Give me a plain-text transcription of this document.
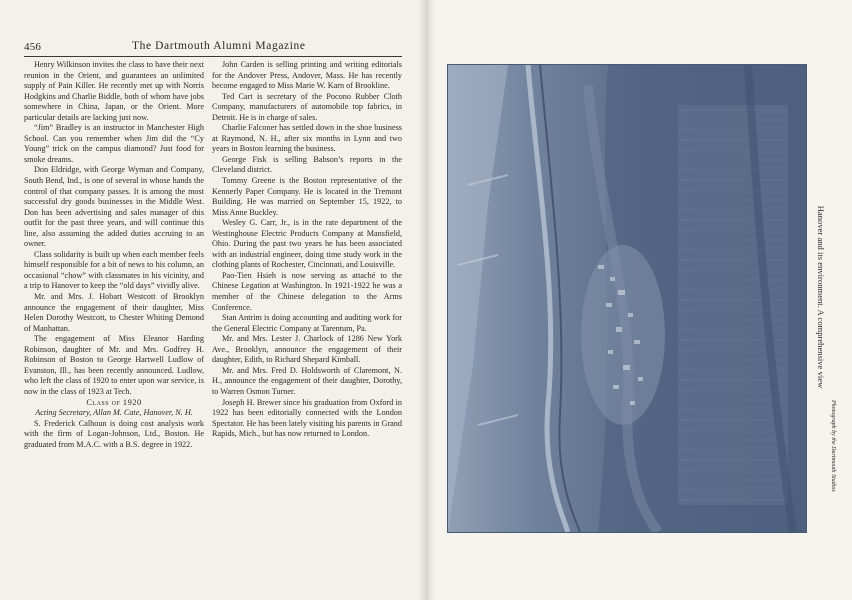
456	The Dartmouth Alumni Magazine

Henry Wilkinson invites the class to have their next reunion in the Orient, and guarantees an unlimited supply of Pain Killer. He recently met up with Norris Hodgkins and Charlie Biddle, both of whom have jobs somewhere in China, Japan, or the Orient. More particular details are lacking just now.

“Jim” Bradley is an instructor in Manchester High School. Can you remember when Jim did the “Cy Young” trick on the campus diamond? Just food for smoke dreams.

Don Eldridge, with George Wyman and Company, South Bend, Ind., is one of several in whose hands the control of that company passes. It is among the most successful dry goods businesses in the Middle West. Don has been advertising and sales manager of this outfit for the past three years, and will continue this line, also assuming the added duties accruing to an owner.

Class solidarity is built up when each member feels himself responsible for a bit of news to his column, an occasional “chow” with classmates in his vicinity, and a trip to Hanover to keep the “old days” vividly alive.

Mr. and Mrs. J. Hobart Westcott of Brooklyn announce the engagement of their daughter, Miss Helen Dorothy Westcott, to Chester Whiting Demond of Manhattan.

The engagement of Miss Eleanor Harding Robinson, daughter of Mr. and Mrs. Godfrey H. Robinson of Boston to George Hartwell Ludlow of Evanston, Ill., has been recently announced. Ludlow, who left the class of 1920 to enter upon war service, is now in the class of 1923 at Tech.

Class of 1920

Acting Secretary, Allan M. Cate, Hanover, N. H.

S. Frederick Calhoun is doing cost analysis work with the firm of Logan-Johnson, Ltd., Boston. He graduated from M.A.C. with a B.S. degree in 1922.

John Carden is selling printing and writing editorials for the Andover Press, Andover, Mass. He has recently become engaged to Miss Marie W. Karn of Brookline.

Ted Cart is secretary of the Pocono Rubber Cloth Company, manufacturers of automobile top fabrics, in Detroit. He is in charge of sales.

Charlie Falconer has settled down in the shoe business at Raymond, N. H., after six months in Lynn and two years in Boston learning the business.

George Fisk is selling Babson’s reports in the Cleveland district.

Tommy Greene is the Boston representative of the Kennerly Paper Company. He is located in the Tremont Building. He was married on September 15, 1922, to Miss Anne Buckley.

Wesley G. Carr, Jr., is in the rate department of the Westinghouse Electric Products Company at Mansfield, Ohio. During the past two years he has been associated with an industrial engineer, doing time study work in the clothing plants of Rochester, Cincinnati, and Louisville.

Pao-Tien Hsieh is now serving as attaché to the Chinese Legation at Washington. In 1921-1922 he was a member of the Chinese delegation to the Arms Conference.

Stan Antrim is doing accounting and auditing work for the General Electric Company at Tarentum, Pa.

Mr. and Mrs. Lester J. Charlock of 1286 New York Ave., Brooklyn, announce the engagement of their daughter, Edith, to Richard Shepard Kimball.

Mr. and Mrs. Fred D. Holdsworth of Claremont, N. H., announce the engagement of their daughter, Dorothy, to Warren Osmon Turner.

Joseph H. Brewer since his graduation from Oxford in 1922 has been editorially connected with the London Spectator. He has been lately visiting his parents in Grand Rapids, Mich., but has now returned to London.

Hanover and its environment. A comprehensive view
Photograph by the Dartmouth Studios
